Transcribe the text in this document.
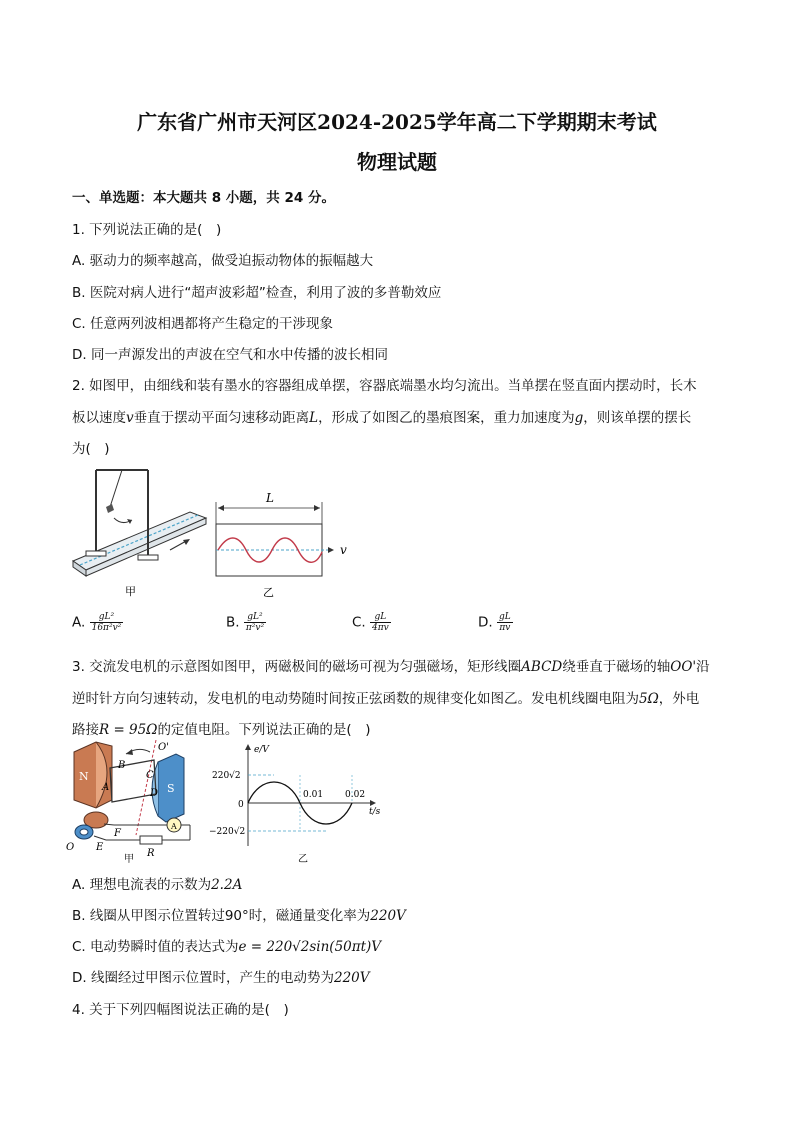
广东省广州市天河区2024-2025学年高二下学期期末考试
物理试题
一、单选题：本大题共 8 小题，共 24 分。
1. 下列说法正确的是(　)
A. 驱动力的频率越高，做受迫振动物体的振幅越大
B. 医院对病人进行“超声波彩超”检查，利用了波的多普勒效应
C. 任意两列波相遇都将产生稳定的干涉现象
D. 同一声源发出的声波在空气和水中传播的波长相同
2. 如图甲，由细线和装有墨水的容器组成单摆，容器底端墨水均匀流出。当单摆在竖直面内摆动时，长木
板以速度v垂直于摆动平面匀速移动距离L，形成了如图乙的墨痕图案，重力加速度为g，则该单摆的摆长
为(　)
甲
L
v
乙
A. $\frac{\text{gL²}}{\text{16π²v²}}$	B. $\frac{\text{gL²}}{\text{π²v²}}$	C. $\frac{gL}{4\pi v}$	D. $\frac{gL}{\pi v}$
3. 交流发电机的示意图如图甲，两磁极间的磁场可视为匀强磁场，矩形线圈ABCD绕垂直于磁场的轴OO'沿
逆时针方向匀速转动，发电机的电动势随时间按正弦函数的规律变化如图乙。发电机线圈电阻为5Ω，外电
路接R = 95Ω的定值电阻。下列说法正确的是(　)
N
S
B
A
C
D
O'
O E
F
A
R
甲
e/V
t/s
220√2
−220√2
0
0.01 0.02
乙
A. 理想电流表的示数为2.2A
B. 线圈从甲图示位置转过90°时，磁通量变化率为220V
C. 电动势瞬时值的表达式为e = 220√2sin(50πt)V
D. 线圈经过甲图示位置时，产生的电动势为220V
4. 关于下列四幅图说法正确的是(　)
